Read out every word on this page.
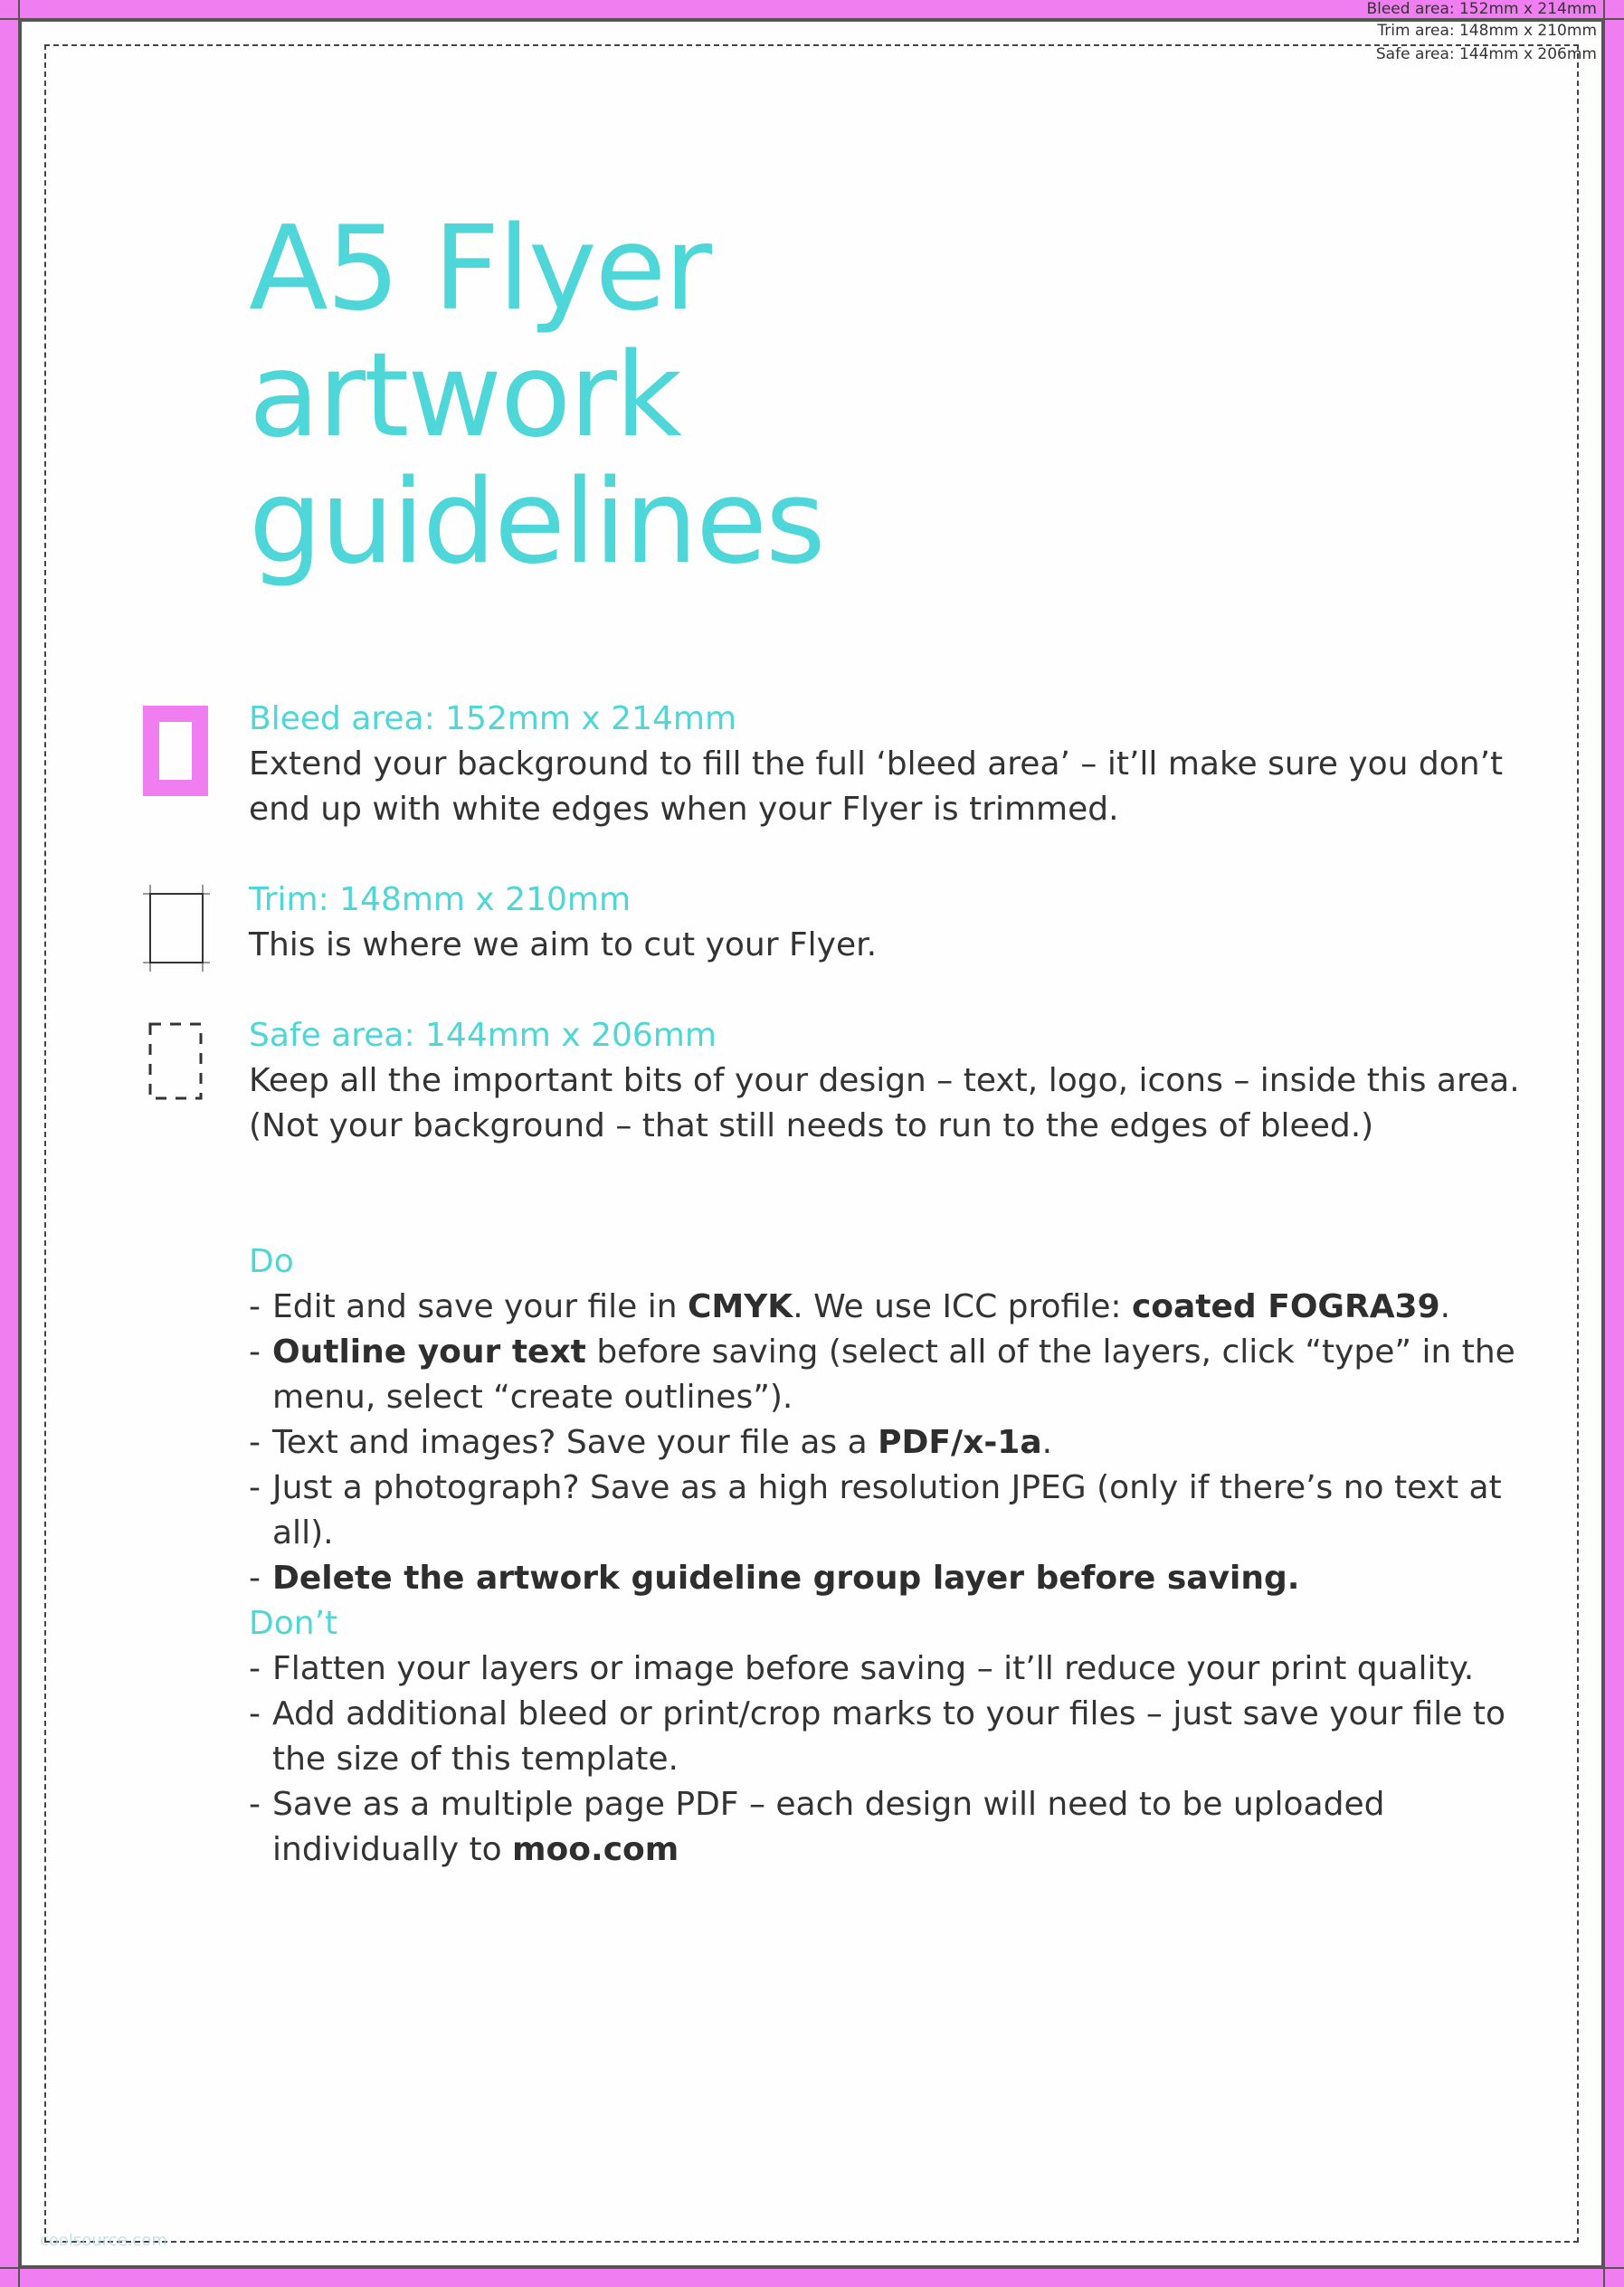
Bleed area: 152mm x 214mm
Trim area: 148mm x 210mm
Safe area: 144mm x 206mm
A5 Flyer
artwork
guidelines
Bleed area: 152mm x 214mm
Extend your background to fill the full ‘bleed area’ – it’ll make sure you don’t end up with white edges when your Flyer is trimmed.
Trim: 148mm x 210mm
This is where we aim to cut your Flyer.
Safe area: 144mm x 206mm
Keep all the important bits of your design – text, logo, icons – inside this area.
(Not your background – that still needs to run to the edges of bleed.)
Do
- Edit and save your file in CMYK. We use ICC profile: coated FOGRA39.
- Outline your text before saving (select all of the layers, click “type” in the menu, select “create outlines”).
- Text and images? Save your file as a PDF/x-1a.
- Just a photograph? Save as a high resolution JPEG (only if there’s no text at all).
- Delete the artwork guideline group layer before saving.
Don’t
- Flatten your layers or image before saving – it’ll reduce your print quality.
- Add additional bleed or print/crop marks to your files – just save your file to the size of this template.
- Save as a multiple page PDF – each design will need to be uploaded individually to moo.com
coolsource.com
